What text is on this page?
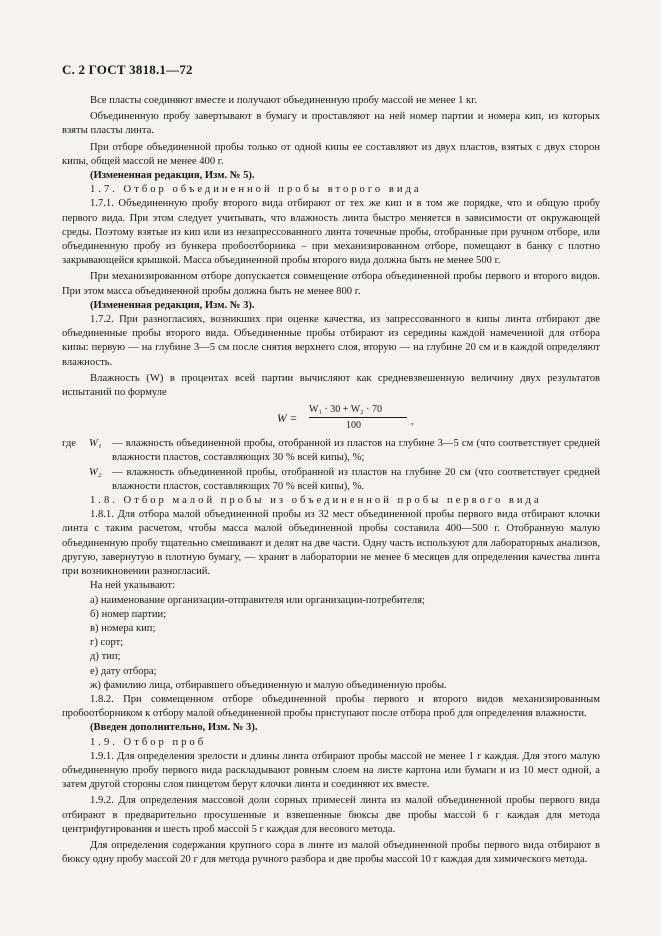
С. 2 ГОСТ 3818.1—72

Все пласты соединяют вместе и получают объединенную пробу массой не менее 1 кг.

Объединенную пробу завертывают в бумагу и проставляют на ней номер партии и номера кип, из которых взяты пласты линта.

При отборе объединенной пробы только от одной кипы ее составляют из двух пластов, взятых с двух сторон кипы, общей массой не менее 400 г.

(Измененная редакция, Изм. № 5).

1.7. Отбор объединенной пробы второго вида

1.7.1. Объединенную пробу второго вида отбирают от тех же кип и в том же порядке, что и общую пробу первого вида. При этом следует учитывать, что влажность линта быстро меняется в зависимости от окружающей среды. Поэтому взятые из кип или из незапрессованного линта точечные пробы, отобранные при ручном отборе, или объединенную пробу из бункера пробоотборника – при механизированном отборе, помещают в банку с плотно закрывающейся крышкой. Масса объединенной пробы второго вида должна быть не менее 500 г.

При механизированном отборе допускается совмещение отбора объединенной пробы первого и второго видов. При этом масса объединенной пробы должна быть не менее 800 г.

(Измененная редакция, Изм. № 3).

1.7.2. При разногласиях, возникших при оценке качества, из запрессованного в кипы линта отбирают две объединенные пробы второго вида. Объединенные пробы отбирают из середины каждой намеченной для отбора кипы: первую — на глубине 3—5 см после снятия верхнего слоя, вторую — на глубине 20 см и в каждой определяют влажность.

Влажность (W) в процентах всей партии вычисляют как средневзвешенную величину двух результатов испытаний по формуле

W =
W₁ · 30 + W₂ · 70
100	,

где W₁ — влажность объединенной пробы, отобранной из пластов на глубине 3—5 см (что соответствует средней влажности пластов, составляющих 30 % всей кипы), %;

W₂ — влажность объединенной пробы, отобранной из пластов на глубине 20 см (что соответствует средней влажности пластов, составляющих 70 % всей кипы), %.

1.8. Отбор малой пробы из объединенной пробы первого вида

1.8.1. Для отбора малой объединенной пробы из 32 мест объединенной пробы первого вида отбирают клочки линта с таким расчетом, чтобы масса малой объединенной пробы составила 400—500 г. Отобранную малую объединенную пробу тщательно смешивают и делят на две части. Одну часть используют для лабораторных анализов, другую, завернутую в плотную бумагу, — хранят в лаборатории не менее 6 месяцев для определения качества линта при возникновении разногласий.

На ней указывают:

а) наименование организации-отправителя или организации-потребителя;
б) номер партии;
в) номера кип;
г) сорт;
д) тип;
е) дату отбора;
ж) фамилию лица, отбиравшего объединенную и малую объединенную пробы.

1.8.2. При совмещенном отборе объединенной пробы первого и второго видов механизированным пробоотборником к отбору малой объединенной пробы приступают после отбора проб для определения влажности.

(Введен дополнительно, Изм. № 3).

1.9. Отбор проб

1.9.1. Для определения зрелости и длины линта отбирают пробы массой не менее 1 г каждая. Для этого малую объединенную пробу первого вида раскладывают ровным слоем на листе картона или бумаги и из 10 мест одной, а затем другой стороны слоя пинцетом берут клочки линта и соединяют их вместе.

1.9.2. Для определения массовой доли сорных примесей линта из малой объединенной пробы первого вида отбирают в предварительно просушенные и взвешенные бюксы две пробы массой 6 г каждая для метода центрифугирования и шесть проб массой 5 г каждая для весового метода.

Для определения содержания крупного сора в линте из малой объединенной пробы первого вида отбирают в бюксу одну пробу массой 20 г для метода ручного разбора и две пробы массой 10 г каждая для химического метода.
